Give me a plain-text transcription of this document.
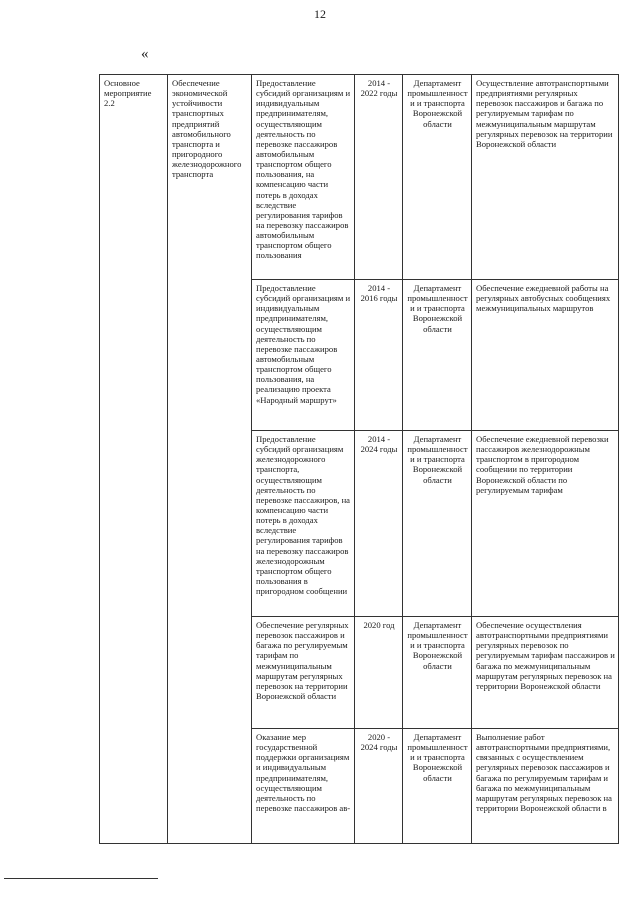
12
«
Основное мероприятие 2.2	Обеспечение экономической устойчивости транспортных предприятий автомобильного транспорта и пригородного железнодорожного транспорта	Предоставление субсидий организациям и индивидуальным предпринимателям, осуществляющим деятельность по перевозке пассажиров автомобильным транспортом общего пользования, на компенсацию части потерь в доходах вследствие регулирования тарифов на перевозку пассажиров автомобильным транспортом общего пользования	2014 - 2022 годы	Департамент промышленности и транспорта Воронежской области	Осуществление автотранспортными предприятиями регулярных перевозок пассажиров и багажа по регулируемым тарифам по межмуниципальным маршрутам регулярных перевозок на территории Воронежской области
		Предоставление субсидий организациям и индивидуальным предпринимателям, осуществляющим деятельность по перевозке пассажиров автомобильным транспортом общего пользования, на реализацию проекта «Народный маршрут»	2014 - 2016 годы	Департамент промышленности и транспорта Воронежской области	Обеспечение ежедневной работы на регулярных автобусных сообщениях межмуниципальных маршрутов
		Предоставление субсидий организациям железнодорожного транспорта, осуществляющим деятельность по перевозке пассажиров, на компенсацию части потерь в доходах вследствие регулирования тарифов на перевозку пассажиров железнодорожным транспортом общего пользования в пригородном сообщении	2014 - 2024 годы	Департамент промышленности и транспорта Воронежской области	Обеспечение ежедневной перевозки пассажиров железнодорожным транспортом в пригородном сообщении по территории Воронежской области по регулируемым тарифам
		Обеспечение регулярных перевозок пассажиров и багажа по регулируемым тарифам по межмуниципальным маршрутам регулярных перевозок на территории Воронежской области	2020 год	Департамент промышленности и транспорта Воронежской области	Обеспечение осуществления автотранспортными предприятиями регулярных перевозок по регулируемым тарифам пассажиров и багажа по межмуниципальным маршрутам регулярных перевозок на территории Воронежской области
		Оказание мер государственной поддержки организациям и индивидуальным предпринимателям, осуществляющим деятельность по перевозке пассажиров ав-	2020 - 2024 годы	Департамент промышленности и транспорта Воронежской области	Выполнение работ автотранспортными предприятиями, связанных с осуществлением регулярных перевозок пассажиров и багажа по регулируемым тарифам и багажа по межмуниципальным маршрутам регулярных перевозок на территории Воронежской области в
